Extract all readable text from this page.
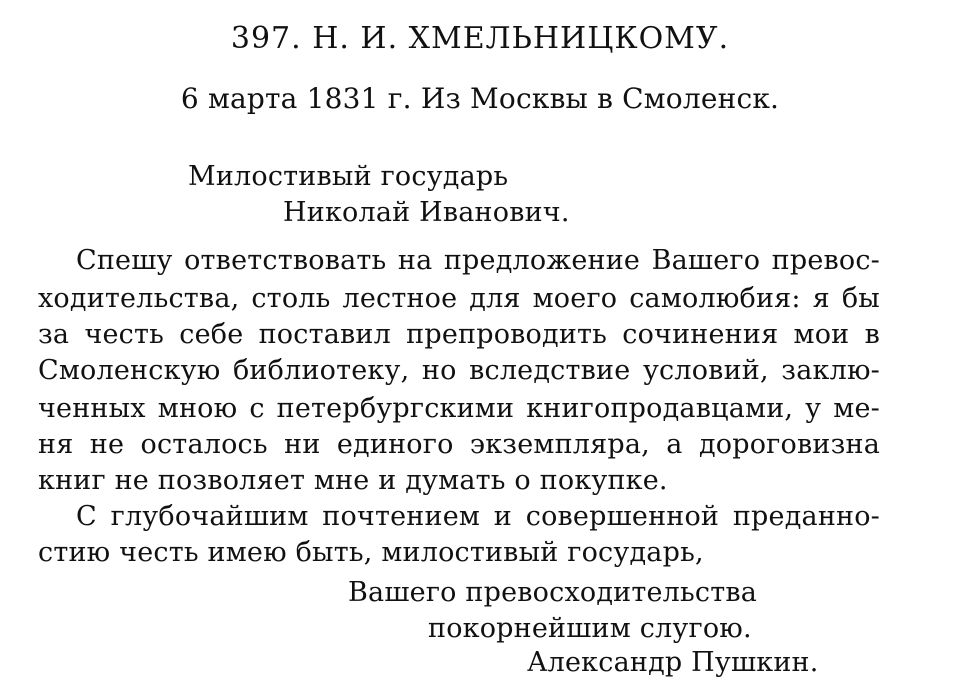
397. Н. И. ХМЕЛЬНИЦКОМУ.
6 марта 1831 г. Из Москвы в Смоленск.
Милостивый государь
Николай Иванович.
Спешу ответствовать на предложение Вашего превос-
ходительства, столь лестное для моего самолюбия: я бы
за честь себе поставил препроводить сочинения мои в
Смоленскую библиотеку, но вследствие условий, заклю-
ченных мною с петербургскими книгопродавцами, у ме-
ня не осталось ни единого экземпляра, а дороговизна
книг не позволяет мне и думать о покупке.
С глубочайшим почтением и совершенной преданно-
стию честь имею быть, милостивый государь,
Вашего превосходительства
покорнейшим слугою.
Александр Пушкин.
